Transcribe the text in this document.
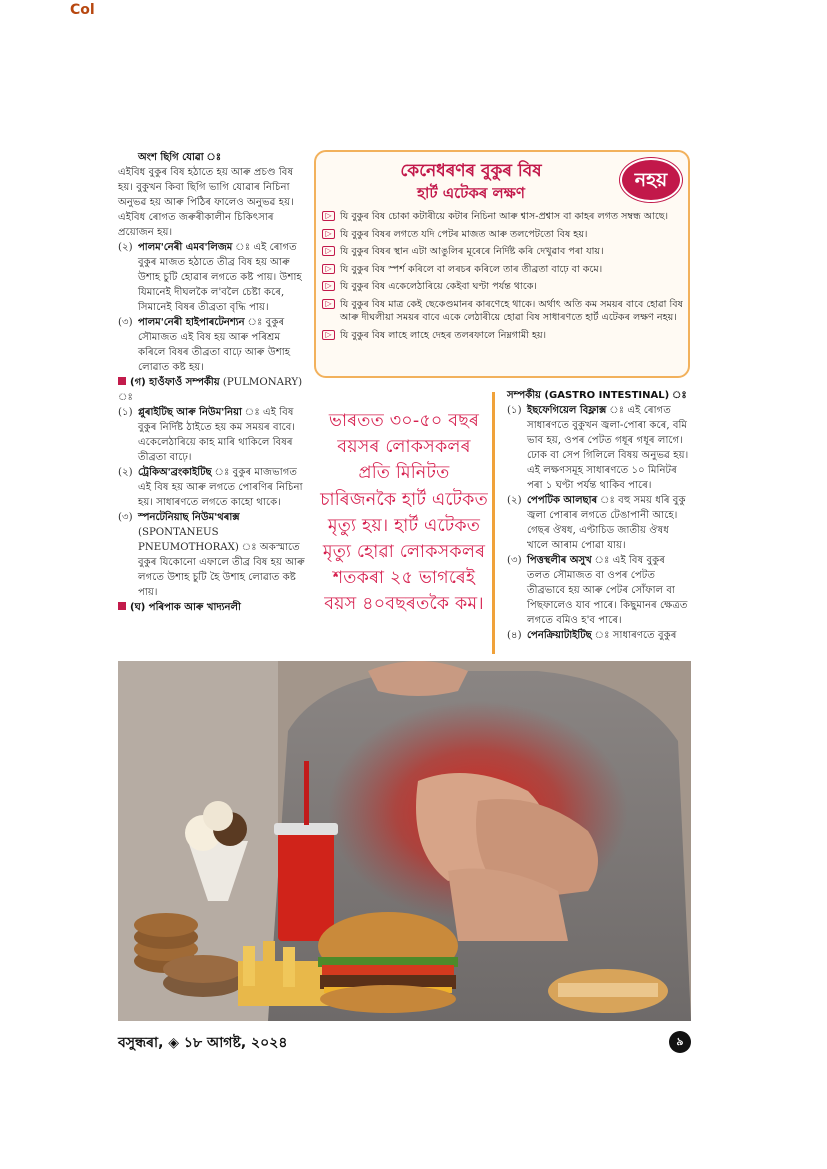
Col

অংশ ছিগি যোৱা ঃ

এইবিধ বুকুৰ বিষ হঠাতে হয় আৰু প্ৰচণ্ড বিষ হয়। বুকুখন কিবা ছিগি ভাগি যোৱাৰ নিচিনা অনুভৱ হয় আৰু পিঠিৰ ফালেও অনুভৱ হয়। এইবিধ ৰোগত জৰুৰীকালীন চিকিৎসাৰ প্ৰয়োজন হয়।

(২) পালম'নেৰী এমব'লিজম ঃ এই ৰোগত বুকুৰ মাজত হঠাতে তীব্ৰ বিষ হয় আৰু উশাহ চুটি হোৱাৰ লগতে কষ্ট পায়। উশাহ যিমানেই দীঘলকৈ ল'বলৈ চেষ্টা কৰে, সিমানেই বিষৰ তীব্ৰতা বৃদ্ধি পায়।

(৩) পালম'নেৰী হাইপাৰটেনশ্যন ঃ বুকুৰ সৌমাজত এই বিষ হয় আৰু পৰিশ্ৰম কৰিলে বিষৰ তীব্ৰতা বাঢ়ে আৰু উশাহ লোৱাত কষ্ট হয়।

(গ) হাওঁফাওঁ সম্পৰ্কীয় (PULMONARY) ঃ

(১) প্লুৰাইটিছ আৰু নিউম'নিয়া ঃ এই বিষ বুকুৰ নিৰ্দিষ্ট ঠাইতে হয় কম সময়ৰ বাবে। একেলেঠাৰিয়ে কাহ মাৰি থাকিলে বিষৰ তীব্ৰতা বাঢ়ে।

(২) ট্ৰেকিঅ'ব্ৰংকাইটিছ ঃ বুকুৰ মাজভাগত এই বিষ হয় আৰু লগতে পোৰণিৰ নিচিনা হয়। সাধাৰণতে লগতে কাহো থাকে।

(৩) স্পনটেনিয়াছ নিউম'থৰাক্স (SPONTANEUS PNEUMOTHORAX) ঃ অকস্মাতে বুকুৰ যিকোনো এফালে তীব্ৰ বিষ হয় আৰু লগতে উশাহ চুটি হৈ উশাহ লোৱাত কষ্ট পায়।

(ঘ) পৰিপাক আৰু খাদ্যনলী

কেনেধৰণৰ বুকুৰ বিষ
হাৰ্ট এটেকৰ লক্ষণ
নহয়
▷ যি বুকুৰ বিষ চোকা কটাৰীয়ে কটাৰ নিচিনা আৰু শ্বাস-প্ৰশ্বাস বা কাহৰ লগত সম্বন্ধ আছে।
▷ যি বুকুৰ বিষৰ লগতে যদি পেটৰ মাজত আৰু তলপেটতো বিষ হয়।
▷ যি বুকুৰ বিষৰ স্থান এটা আঙুলিৰ মূৰেৰে নিৰ্দিষ্ট কৰি দেখুৱাব পৰা যায়।
▷ যি বুকুৰ বিষ স্পৰ্শ কৰিলে বা লৰচৰ কৰিলে তাৰ তীব্ৰতা বাঢ়ে বা কমে।
▷ যি বুকুৰ বিষ একেলেঠাৰিয়ে কেইবা ঘণ্টা পৰ্যন্ত থাকে।
▷ যি বুকুৰ বিষ মাত্ৰ কেই ছেকেণ্ডমানৰ কাৰণেহে থাকে। অৰ্থাৎ অতি কম সময়ৰ বাবে হোৱা বিষ আৰু দীঘলীয়া সময়ৰ বাবে একে লেঠাৰীয়ে হোৱা বিষ সাধাৰণতে হাৰ্ট এটেকৰ লক্ষণ নহয়।
▷ যি বুকুৰ বিষ লাহে লাহে দেহৰ তলৰফালে নিম্নগামী হয়।
ভাৰতত ৩০-৫০ বছৰ বয়সৰ লোকসকলৰ প্ৰতি মিনিটত চাৰিজনকৈ হাৰ্ট এটেকত মৃত্যু হয়। হাৰ্ট এটেকত মৃত্যু হোৱা লোকসকলৰ শতকৰা ২৫ ভাগৰেই বয়স ৪০বছৰতকৈ কম।

সম্পৰ্কীয় (GASTRO INTESTINAL) ঃ

(১) ইছফেগিয়েল বিফ্লাক্স ঃ এই ৰোগত সাধাৰণতে বুকুখন জ্বলা-পোৰা কৰে, বমি ভাব হয়, ওপৰ পেটত গধূৰ গধূৰ লাগে। ঢোক বা সেপ গিলিলে বিষয় অনুভৱ হয়। এই লক্ষণসমূহ সাধাৰণতে ১০ মিনিটৰ পৰা ১ ঘণ্টা পৰ্যন্ত থাকিব পাৰে।

(২) পেপটিক আলছাৰ ঃ বহু সময় ধৰি বুকু জ্বলা পোৰাৰ লগতে টেঙাপানী আহে। গেছৰ ঔষধ, এণ্টাচিড জাতীয় ঔষধ খালে আৰাম পোৱা যায়।

(৩) পিত্তস্থলীৰ অসুখ ঃ এই বিষ বুকুৰ তলত সৌমাজত বা ওপৰ পেটত তীব্ৰভাবে হয় আৰু পেটৰ সোঁফাল বা পিছফালেও যাব পাৰে। কিছুমানৰ ক্ষেত্ৰত লগতে বমিও হ'ব পাৰে।

(৪) পেনক্ৰিয়াটাইটিছ ঃ সাধাৰণতে বুকুৰ

বসুন্ধৰা, ◈ ১৮ আগষ্ট, ২০২৪	৯
